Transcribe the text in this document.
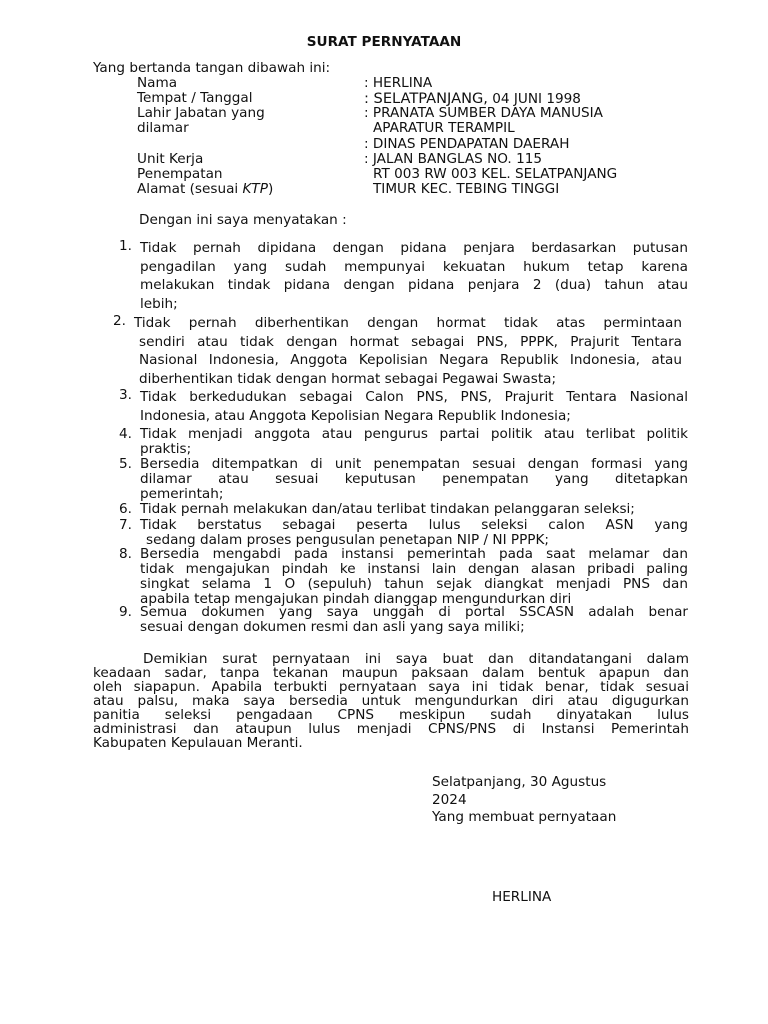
SURAT PERNYATAAN
Yang bertanda tangan dibawah ini:
Nama	: HERLINA
Tempat / Tanggal	: SELATPANJANG, 04 JUNI 1998
Lahir Jabatan yang	: PRANATA SUMBER DAYA MANUSIA
dilamar	APARATUR TERAMPIL
: DINAS PENDAPATAN DAERAH
Unit Kerja	: JALAN BANGLAS NO. 115
Penempatan	RT 003 RW 003 KEL. SELATPANJANG
Alamat (sesuai KTP)	TIMUR KEC. TEBING TINGGI
Dengan ini saya menyatakan :
1. Tidak pernah dipidana dengan pidana penjara berdasarkan putusan
pengadilan yang sudah mempunyai kekuatan hukum tetap karena
melakukan tindak pidana dengan pidana penjara 2 (dua) tahun atau
lebih;
2. Tidak pernah diberhentikan dengan hormat tidak atas permintaan
sendiri atau tidak dengan hormat sebagai PNS, PPPK, Prajurit Tentara
Nasional Indonesia, Anggota Kepolisian Negara Republik Indonesia, atau
diberhentikan tidak dengan hormat sebagai Pegawai Swasta;
3. Tidak berkedudukan sebagai Calon PNS, PNS, Prajurit Tentara Nasional
Indonesia, atau Anggota Kepolisian Negara Republik Indonesia;
4. Tidak menjadi anggota atau pengurus partai politik atau terlibat politik
praktis;
5. Bersedia ditempatkan di unit penempatan sesuai dengan formasi yang
dilamar atau sesuai keputusan penempatan yang ditetapkan
pemerintah;
6. Tidak pernah melakukan dan/atau terlibat tindakan pelanggaran seleksi;
7. Tidak berstatus sebagai peserta lulus seleksi calon ASN yang
sedang dalam proses pengusulan penetapan NIP / NI PPPK;
8. Bersedia mengabdi pada instansi pemerintah pada saat melamar dan
tidak mengajukan pindah ke instansi lain dengan alasan pribadi paling
singkat selama 1 O (sepuluh) tahun sejak diangkat menjadi PNS dan
apabila tetap mengajukan pindah dianggap mengundurkan diri
9. Semua dokumen yang saya unggah di portal SSCASN adalah benar
sesuai dengan dokumen resmi dan asli yang saya miliki;
Demikian surat pernyataan ini saya buat dan ditandatangani dalam
keadaan sadar, tanpa tekanan maupun paksaan dalam bentuk apapun dan
oleh siapapun. Apabila terbukti pernyataan saya ini tidak benar, tidak sesuai
atau palsu, maka saya bersedia untuk mengundurkan diri atau digugurkan
panitia seleksi pengadaan CPNS meskipun sudah dinyatakan lulus
administrasi dan ataupun lulus menjadi CPNS/PNS di Instansi Pemerintah
Kabupaten Kepulauan Meranti.
Selatpanjang, 30 Agustus
2024
Yang membuat pernyataan
HERLINA
